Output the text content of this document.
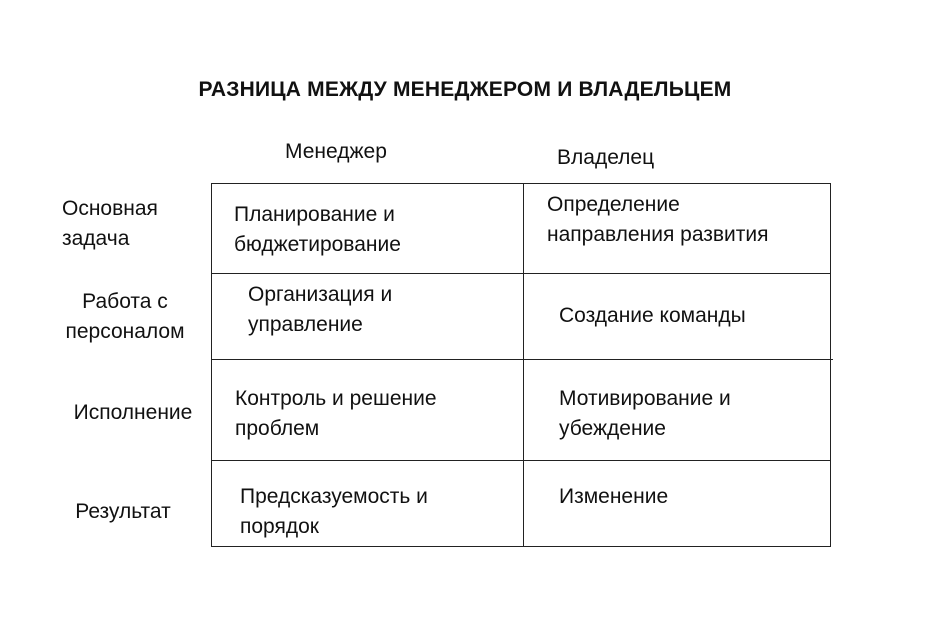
РАЗНИЦА МЕЖДУ МЕНЕДЖЕРОМ И ВЛАДЕЛЬЦЕМ
Менеджер	Владелец
Основная
задача
Работа с
персоналом
Исполнение
Результат
Планирование и
бюджетирование
Организация и
управление
Контроль и решение
проблем
Предсказуемость и
порядок
Определение
направления развития
Создание команды
Мотивирование и
убеждение
Изменение
